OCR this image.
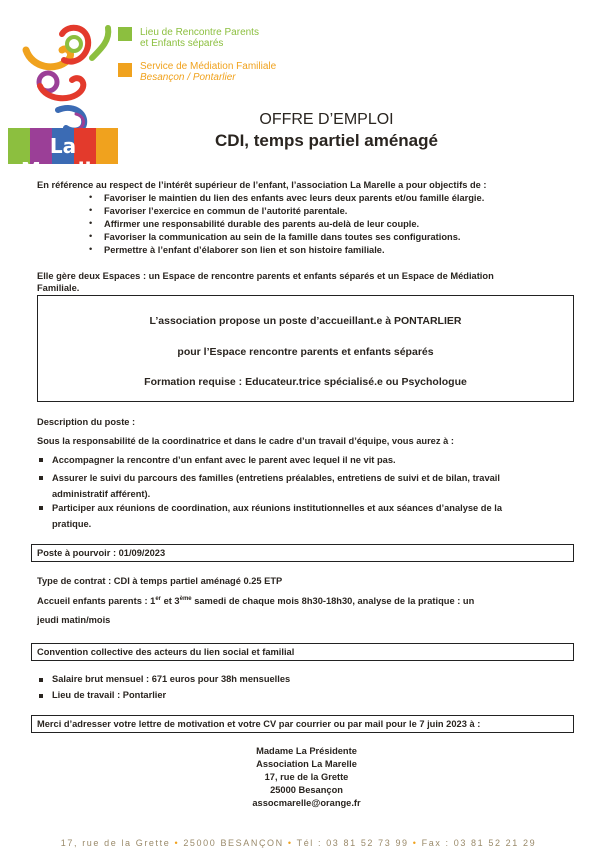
La Marelle
Lieu de Rencontre Parents
et Enfants séparés
Service de Médiation Familiale
Besançon / Pontarlier
OFFRE D’EMPLOI
CDI, temps partiel aménagé
En référence au respect de l’intérêt supérieur de l’enfant, l’association La Marelle a pour objectifs de :
• Favoriser le maintien du lien des enfants avec leurs deux parents et/ou famille élargie.
• Favoriser l’exercice en commun de l’autorité parentale.
• Affirmer une responsabilité durable des parents au-delà de leur couple.
• Favoriser la communication au sein de la famille dans toutes ses configurations.
• Permettre à l’enfant d’élaborer son lien et son histoire familiale.
Elle gère deux Espaces : un Espace de rencontre parents et enfants séparés et un Espace de Médiation
Familiale.
L’association propose un poste d’accueillant.e à PONTARLIER
pour l’Espace rencontre parents et enfants séparés
Formation requise : Educateur.trice spécialisé.e ou Psychologue
Description du poste :
Sous la responsabilité de la coordinatrice et dans le cadre d’un travail d’équipe, vous aurez à :
Accompagner la rencontre d’un enfant avec le parent avec lequel il ne vit pas.
Assurer le suivi du parcours des familles (entretiens préalables, entretiens de suivi et de bilan, travail
administratif afférent).
Participer aux réunions de coordination, aux réunions institutionnelles et aux séances d’analyse de la
pratique.
Poste à pourvoir : 01/09/2023
Type de contrat : CDI à temps partiel aménagé 0.25 ETP
Accueil enfants parents : 1er et 3ème samedi de chaque mois 8h30-18h30, analyse de la pratique : un
jeudi matin/mois
Convention collective des acteurs du lien social et familial
Salaire brut mensuel : 671 euros pour 38h mensuelles
Lieu de travail : Pontarlier
Merci d’adresser votre lettre de motivation et votre CV par courrier ou par mail pour le 7 juin 2023 à :
Madame La Présidente
Association La Marelle
17, rue de la Grette
25000 Besançon
assocmarelle@orange.fr
17, rue de la Grette • 25000 BESANÇON • Tél : 03 81 52 73 99 • Fax : 03 81 52 21 29
